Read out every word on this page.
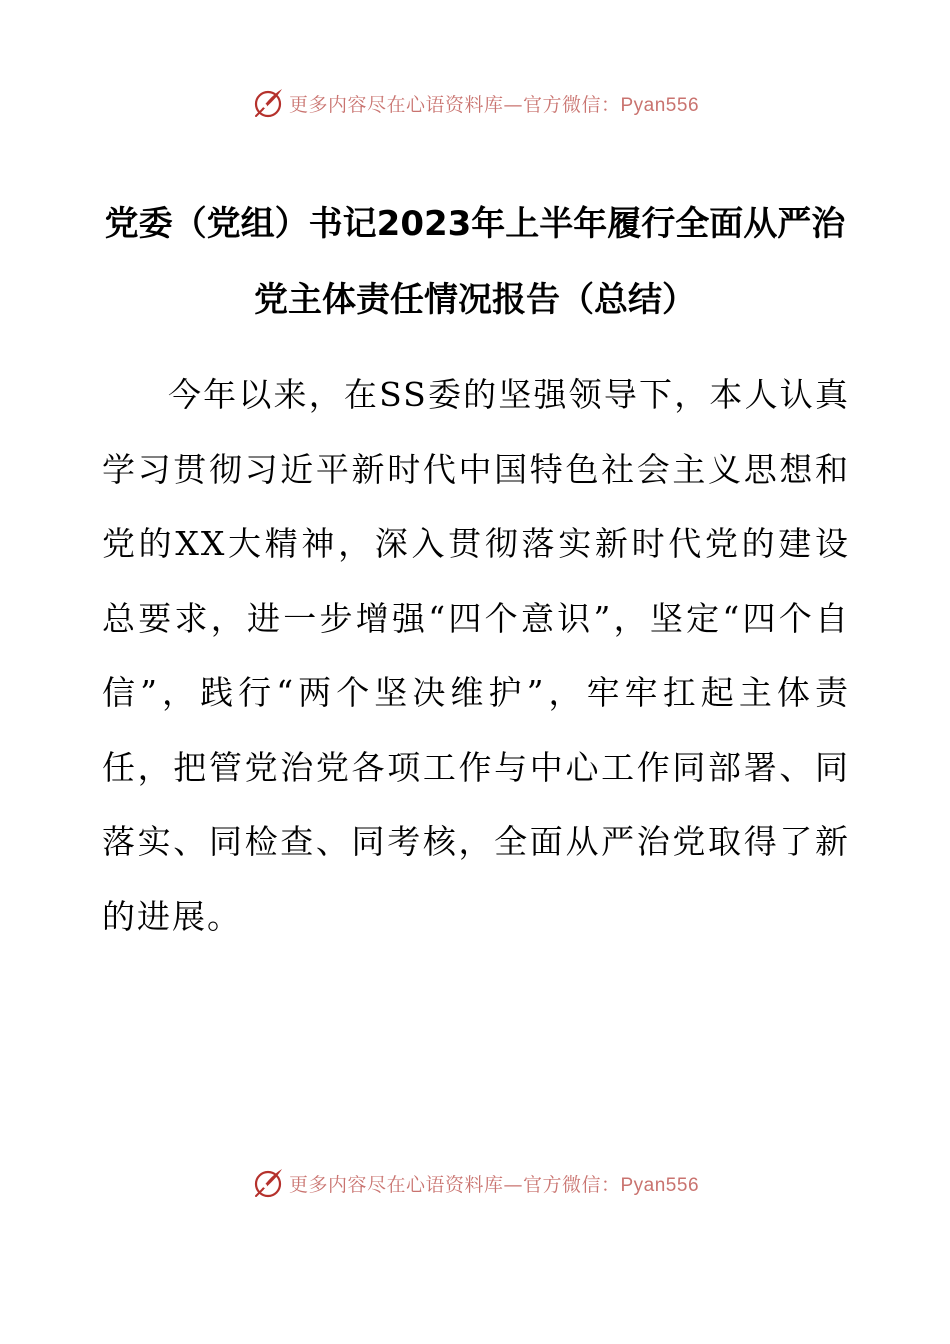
更多内容尽在心语资料库—官方微信：Pyan556
党委（党组）书记2023年上半年履行全面从严治党主体责任情况报告（总结）

今年以来，在SS委的坚强领导下，本人认真学习贯彻习近平新时代中国特色社会主义思想和党的XX大精神，深入贯彻落实新时代党的建设总要求，进一步增强“四个意识”，坚定“四个自信”，践行“两个坚决维护”，牢牢扛起主体责任，把管党治党各项工作与中心工作同部署、同落实、同检查、同考核，全面从严治党取得了新的进展。

更多内容尽在心语资料库—官方微信：Pyan556
